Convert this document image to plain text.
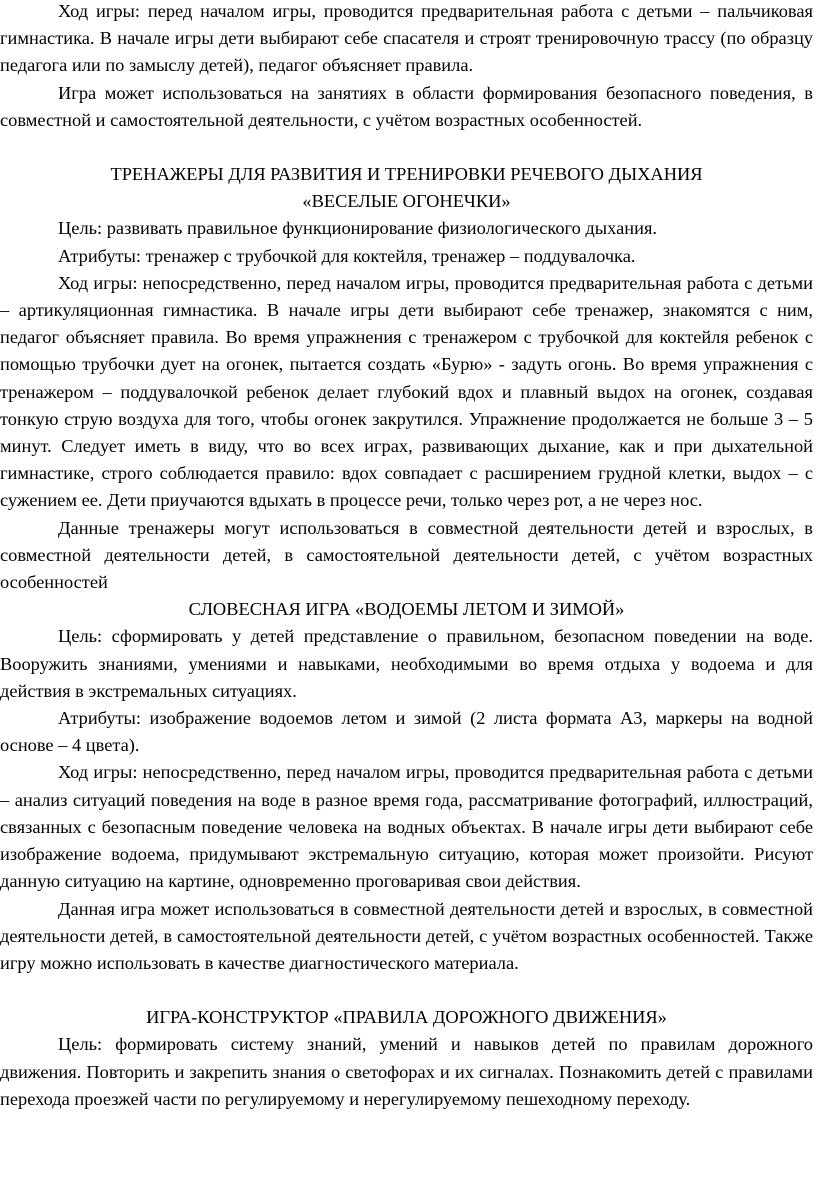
Ход игры: перед началом игры, проводится предварительная работа с детьми – пальчиковая гимнастика. В начале игры дети выбирают себе спасателя и строят тренировочную трассу (по образцу педагога или по замыслу детей), педагог объясняет правила.

Игра может использоваться на занятиях в области формирования безопасного поведения, в совместной и самостоятельной деятельности, с учётом возрастных особенностей.

ТРЕНАЖЕРЫ ДЛЯ РАЗВИТИЯ И ТРЕНИРОВКИ РЕЧЕВОГО ДЫХАНИЯ
«ВЕСЕЛЫЕ ОГОНЕЧКИ»

Цель: развивать правильное функционирование физиологического дыхания.

Атрибуты: тренажер с трубочкой для коктейля, тренажер – поддувалочка.

Ход игры: непосредственно, перед началом игры, проводится предварительная работа с детьми – артикуляционная гимнастика. В начале игры дети выбирают себе тренажер, знакомятся с ним, педагог объясняет правила. Во время упражнения с тренажером с трубочкой для коктейля ребенок с помощью трубочки дует на огонек, пытается создать «Бурю» - задуть огонь. Во время упражнения с тренажером – поддувалочкой ребенок делает глубокий вдох и плавный выдох на огонек, создавая тонкую струю воздуха для того, чтобы огонек закрутился. Упражнение продолжается не больше 3 – 5 минут. Следует иметь в виду, что во всех играх, развивающих дыхание, как и при дыхательной гимнастике, строго соблюдается правило: вдох совпадает с расширением грудной клетки, выдох – с сужением ее. Дети приучаются вдыхать в процессе речи, только через рот, а не через нос.

Данные тренажеры могут использоваться в совместной деятельности детей и взрослых, в совместной деятельности детей, в самостоятельной деятельности детей, с учётом возрастных особенностей

СЛОВЕСНАЯ ИГРА «ВОДОЕМЫ ЛЕТОМ И ЗИМОЙ»

Цель: сформировать у детей представление о правильном, безопасном поведении на воде. Вооружить знаниями, умениями и навыками, необходимыми во время отдыха у водоема и для действия в экстремальных ситуациях.

Атрибуты: изображение водоемов летом и зимой (2 листа формата А3, маркеры на водной основе – 4 цвета).

Ход игры: непосредственно, перед началом игры, проводится предварительная работа с детьми – анализ ситуаций поведения на воде в разное время года, рассматривание фотографий, иллюстраций, связанных с безопасным поведение человека на водных объектах. В начале игры дети выбирают себе изображение водоема, придумывают экстремальную ситуацию, которая может произойти. Рисуют данную ситуацию на картине, одновременно проговаривая свои действия.

Данная игра может использоваться в совместной деятельности детей и взрослых, в совместной деятельности детей, в самостоятельной деятельности детей, с учётом возрастных особенностей. Также игру можно использовать в качестве диагностического материала.

ИГРА-КОНСТРУКТОР «ПРАВИЛА ДОРОЖНОГО ДВИЖЕНИЯ»

Цель: формировать систему знаний, умений и навыков детей по правилам дорожного движения. Повторить и закрепить знания о светофорах и их сигналах. Познакомить детей с правилами перехода проезжей части по регулируемому и нерегулируемому пешеходному переходу.
